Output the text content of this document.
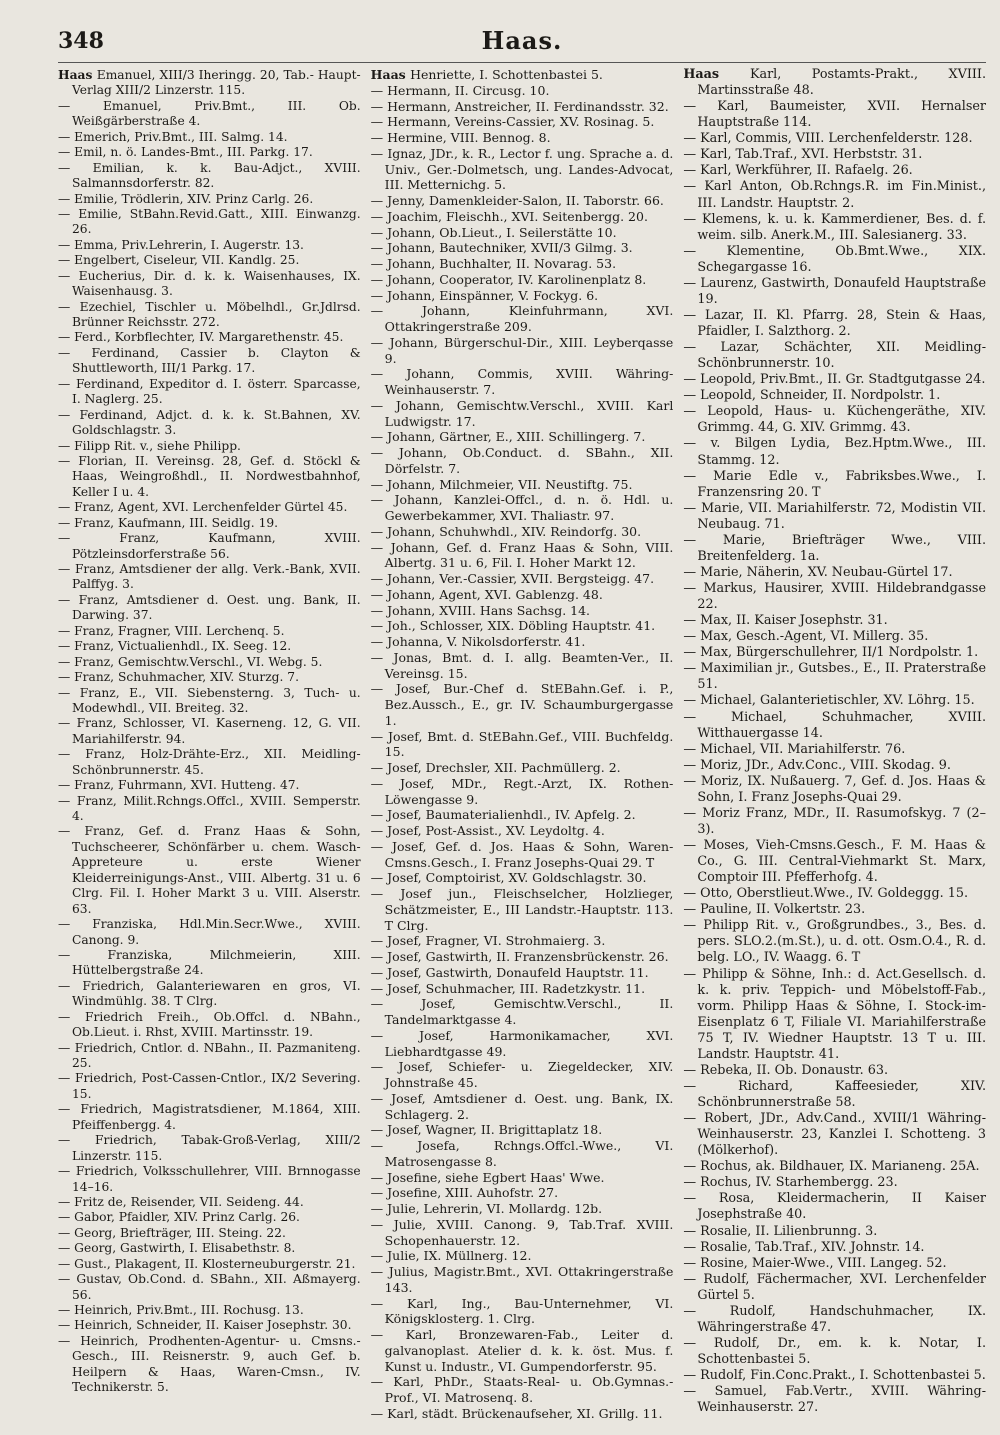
348	Haas.
Haas Emanuel, XIII/3 Iheringg. 20, Tab.- Haupt-Verlag XIII/2 Linzerstr. 115.
— Emanuel, Priv.Bmt., III. Ob. Weißgärberstraße 4.
— Emerich, Priv.Bmt., III. Salmg. 14.
— Emil, n. ö. Landes-Bmt., III. Parkg. 17.
— Emilian, k. k. Bau-Adjct., XVIII. Salmannsdorferstr. 82.
— Emilie, Trödlerin, XIV. Prinz Carlg. 26.
— Emilie, StBahn.Revid.Gatt., XIII. Einwanzg. 26.
— Emma, Priv.Lehrerin, I. Augerstr. 13.
— Engelbert, Ciseleur, VII. Kandlg. 25.
— Eucherius, Dir. d. k. k. Waisenhauses, IX. Waisenhausg. 3.
— Ezechiel, Tischler u. Möbelhdl., Gr.Jdlrsd. Brünner Reichsstr. 272.
— Ferd., Korbflechter, IV. Margarethenstr. 45.
— Ferdinand, Cassier b. Clayton & Shuttleworth, III/1 Parkg. 17.
— Ferdinand, Expeditor d. I. österr. Sparcasse, I. Naglerg. 25.
— Ferdinand, Adjct. d. k. k. St.Bahnen, XV. Goldschlagstr. 3.
— Filipp Rit. v., siehe Philipp.
— Florian, II. Vereinsg. 28, Gef. d. Stöckl & Haas, Weingroßhdl., II. Nordwestbahnhof, Keller I u. 4.
— Franz, Agent, XVI. Lerchenfelder Gürtel 45.
— Franz, Kaufmann, III. Seidlg. 19.
— Franz, Kaufmann, XVIII. Pötzleinsdorferstraße 56.
— Franz, Amtsdiener der allg. Verk.-Bank, XVII. Palffyg. 3.
— Franz, Amtsdiener d. Oest. ung. Bank, II. Darwing. 37.
— Franz, Fragner, VIII. Lerchenq. 5.
— Franz, Victualienhdl., IX. Seeg. 12.
— Franz, Gemischtw.Verschl., VI. Webg. 5.
— Franz, Schuhmacher, XIV. Sturzg. 7.
— Franz, E., VII. Siebensterng. 3, Tuch- u. Modewhdl., VII. Breiteg. 32.
— Franz, Schlosser, VI. Kaserneng. 12, G. VII. Mariahilferstr. 94.
— Franz, Holz-Drähte-Erz., XII. Meidling-Schönbrunnerstr. 45.
— Franz, Fuhrmann, XVI. Hutteng. 47.
— Franz, Milit.Rchngs.Offcl., XVIII. Semperstr. 4.
— Franz, Gef. d. Franz Haas & Sohn, Tuchscheerer, Schönfärber u. chem. Wasch-Appreteure u. erste Wiener Kleiderreinigungs-Anst., VIII. Albertg. 31 u. 6 Clrg. Fil. I. Hoher Markt 3 u. VIII. Alserstr. 63.
— Franziska, Hdl.Min.Secr.Wwe., XVIII. Canong. 9.
— Franziska, Milchmeierin, XIII. Hüttelbergstraße 24.
— Friedrich, Galanteriewaren en gros, VI. Windmühlg. 38. T Clrg.
— Friedrich Freih., Ob.Offcl. d. NBahn., Ob.Lieut. i. Rhst, XVIII. Martinsstr. 19.
— Friedrich, Cntlor. d. NBahn., II. Pazmaniteng. 25.
— Friedrich, Post-Cassen-Cntlor., IX/2 Severing. 15.
— Friedrich, Magistratsdiener, M.1864, XIII. Pfeiffenbergg. 4.
— Friedrich, Tabak-Groß-Verlag, XIII/2 Linzerstr. 115.
— Friedrich, Volksschullehrer, VIII. Brnnogasse 14–16.
— Fritz de, Reisender, VII. Seideng. 44.
— Gabor, Pfaidler, XIV. Prinz Carlg. 26.
— Georg, Briefträger, III. Steing. 22.
— Georg, Gastwirth, I. Elisabethstr. 8.
— Gust., Plakagent, II. Klosterneuburgerstr. 21.
— Gustav, Ob.Cond. d. SBahn., XII. Aßmayerg. 56.
— Heinrich, Priv.Bmt., III. Rochusg. 13.
— Heinrich, Schneider, II. Kaiser Josephstr. 30.
— Heinrich, Prodhenten-Agentur- u. Cmsns.-Gesch., III. Reisnerstr. 9, auch Gef. b. Heilpern & Haas, Waren-Cmsn., IV. Technikerstr. 5.
Haas Henriette, I. Schottenbastei 5.
— Hermann, II. Circusg. 10.
— Hermann, Anstreicher, II. Ferdinandsstr. 32.
— Hermann, Vereins-Cassier, XV. Rosinag. 5.
— Hermine, VIII. Bennog. 8.
— Ignaz, JDr., k. R., Lector f. ung. Sprache a. d. Univ., Ger.-Dolmetsch, ung. Landes-Advocat, III. Metternichg. 5.
— Jenny, Damenkleider-Salon, II. Taborstr. 66.
— Joachim, Fleischh., XVI. Seitenbergg. 20.
— Johann, Ob.Lieut., I. Seilerstätte 10.
— Johann, Bautechniker, XVII/3 Gilmg. 3.
— Johann, Buchhalter, II. Novarag. 53.
— Johann, Cooperator, IV. Karolinenplatz 8.
— Johann, Einspänner, V. Fockyg. 6.
— Johann, Kleinfuhrmann, XVI. Ottakringerstraße 209.
— Johann, Bürgerschul-Dir., XIII. Leyberqasse 9.
— Johann, Commis, XVIII. Währing-Weinhauserstr. 7.
— Johann, Gemischtw.Verschl., XVIII. Karl Ludwigstr. 17.
— Johann, Gärtner, E., XIII. Schillingerg. 7.
— Johann, Ob.Conduct. d. SBahn., XII. Dörfelstr. 7.
— Johann, Milchmeier, VII. Neustiftg. 75.
— Johann, Kanzlei-Offcl., d. n. ö. Hdl. u. Gewerbekammer, XVI. Thaliastr. 97.
— Johann, Schuhwhdl., XIV. Reindorfg. 30.
— Johann, Gef. d. Franz Haas & Sohn, VIII. Albertg. 31 u. 6, Fil. I. Hoher Markt 12.
— Johann, Ver.-Cassier, XVII. Bergsteigg. 47.
— Johann, Agent, XVI. Gablenzg. 48.
— Johann, XVIII. Hans Sachsg. 14.
— Joh., Schlosser, XIX. Döbling Hauptstr. 41.
— Johanna, V. Nikolsdorferstr. 41.
— Jonas, Bmt. d. I. allg. Beamten-Ver., II. Vereinsg. 15.
— Josef, Bur.-Chef d. StEBahn.Gef. i. P., Bez.Aussch., E., gr. IV. Schaumburgergasse 1.
— Josef, Bmt. d. StEBahn.Gef., VIII. Buchfeldg. 15.
— Josef, Drechsler, XII. Pachmüllerg. 2.
— Josef, MDr., Regt.-Arzt, IX. Rothen-Löwengasse 9.
— Josef, Baumaterialienhdl., IV. Apfelg. 2.
— Josef, Post-Assist., XV. Leydoltg. 4.
— Josef, Gef. d. Jos. Haas & Sohn, Waren-Cmsns.Gesch., I. Franz Josephs-Quai 29. T
— Josef, Comptoirist, XV. Goldschlagstr. 30.
— Josef jun., Fleischselcher, Holzlieger, Schätzmeister, E., III Landstr.-Hauptstr. 113. T Clrg.
— Josef, Fragner, VI. Strohmaierg. 3.
— Josef, Gastwirth, II. Franzensbrückenstr. 26.
— Josef, Gastwirth, Donaufeld Hauptstr. 11.
— Josef, Schuhmacher, III. Radetzkystr. 11.
— Josef, Gemischtw.Verschl., II. Tandelmarktgasse 4.
— Josef, Harmonikamacher, XVI. Liebhardtgasse 49.
— Josef, Schiefer- u. Ziegeldecker, XIV. Johnstraße 45.
— Josef, Amtsdiener d. Oest. ung. Bank, IX. Schlagerg. 2.
— Josef, Wagner, II. Brigittaplatz 18.
— Josefa, Rchngs.Offcl.-Wwe., VI. Matrosengasse 8.
— Josefine, siehe Egbert Haas' Wwe.
— Josefine, XIII. Auhofstr. 27.
— Julie, Lehrerin, VI. Mollardg. 12b.
— Julie, XVIII. Canong. 9, Tab.Traf. XVIII. Schopenhauerstr. 12.
— Julie, IX. Müllnerg. 12.
— Julius, Magistr.Bmt., XVI. Ottakringerstraße 143.
— Karl, Ing., Bau-Unternehmer, VI. Königsklosterg. 1. Clrg.
— Karl, Bronzewaren-Fab., Leiter d. galvanoplast. Atelier d. k. k. öst. Mus. f. Kunst u. Industr., VI. Gumpendorferstr. 95.
— Karl, PhDr., Staats-Real- u. Ob.Gymnas.-Prof., VI. Matrosenq. 8.
— Karl, städt. Brückenaufseher, XI. Grillg. 11.
Haas Karl, Postamts-Prakt., XVIII. Martinsstraße 48.
— Karl, Baumeister, XVII. Hernalser Hauptstraße 114.
— Karl, Commis, VIII. Lerchenfelderstr. 128.
— Karl, Tab.Traf., XVI. Herbststr. 31.
— Karl, Werkführer, II. Rafaelg. 26.
— Karl Anton, Ob.Rchngs.R. im Fin.Minist., III. Landstr. Hauptstr. 2.
— Klemens, k. u. k. Kammerdiener, Bes. d. f. weim. silb. Anerk.M., III. Salesianerg. 33.
— Klementine, Ob.Bmt.Wwe., XIX. Schegargasse 16.
— Laurenz, Gastwirth, Donaufeld Hauptstraße 19.
— Lazar, II. Kl. Pfarrg. 28, Stein & Haas, Pfaidler, I. Salzthorg. 2.
— Lazar, Schächter, XII. Meidling-Schönbrunnerstr. 10.
— Leopold, Priv.Bmt., II. Gr. Stadtgutgasse 24.
— Leopold, Schneider, II. Nordpolstr. 1.
— Leopold, Haus- u. Küchengeräthe, XIV. Grimmg. 44, G. XIV. Grimmg. 43.
— v. Bilgen Lydia, Bez.Hptm.Wwe., III. Stammg. 12.
— Marie Edle v., Fabriksbes.Wwe., I. Franzensring 20. T
— Marie, VII. Mariahilferstr. 72, Modistin VII. Neubaug. 71.
— Marie, Briefträger Wwe., VIII. Breitenfelderg. 1a.
— Marie, Näherin, XV. Neubau-Gürtel 17.
— Markus, Hausirer, XVIII. Hildebrandgasse 22.
— Max, II. Kaiser Josephstr. 31.
— Max, Gesch.-Agent, VI. Millerg. 35.
— Max, Bürgerschullehrer, II/1 Nordpolstr. 1.
— Maximilian jr., Gutsbes., E., II. Praterstraße 51.
— Michael, Galanterietischler, XV. Löhrg. 15.
— Michael, Schuhmacher, XVIII. Witthauergasse 14.
— Michael, VII. Mariahilferstr. 76.
— Moriz, JDr., Adv.Conc., VIII. Skodag. 9.
— Moriz, IX. Nußauerg. 7, Gef. d. Jos. Haas & Sohn, I. Franz Josephs-Quai 29.
— Moriz Franz, MDr., II. Rasumofskyg. 7 (2–3).
— Moses, Vieh-Cmsns.Gesch., F. M. Haas & Co., G. III. Central-Viehmarkt St. Marx, Comptoir III. Pfefferhofg. 4.
— Otto, Oberstlieut.Wwe., IV. Goldeggg. 15.
— Pauline, II. Volkertstr. 23.
— Philipp Rit. v., Großgrundbes., 3., Bes. d. pers. SLO.2.(m.St.), u. d. ott. Osm.O.4., R. d. belg. LO., IV. Waagg. 6. T
— Philipp & Söhne, Inh.: d. Act.Gesellsch. d. k. k. priv. Teppich- und Möbelstoff-Fab., vorm. Philipp Haas & Söhne, I. Stock-im-Eisenplatz 6 T, Filiale VI. Mariahilferstraße 75 T, IV. Wiedner Hauptstr. 13 T u. III. Landstr. Hauptstr. 41.
— Rebeka, II. Ob. Donaustr. 63.
— Richard, Kaffeesieder, XIV. Schönbrunnerstraße 58.
— Robert, JDr., Adv.Cand., XVIII/1 Währing-Weinhauserstr. 23, Kanzlei I. Schotteng. 3 (Mölkerhof).
— Rochus, ak. Bildhauer, IX. Marianeng. 25A.
— Rochus, IV. Starhembergg. 23.
— Rosa, Kleidermacherin, II Kaiser Josephstraße 40.
— Rosalie, II. Lilienbrunng. 3.
— Rosalie, Tab.Traf., XIV. Johnstr. 14.
— Rosine, Maier-Wwe., VIII. Langeg. 52.
— Rudolf, Fächermacher, XVI. Lerchenfelder Gürtel 5.
— Rudolf, Handschuhmacher, IX. Währingerstraße 47.
— Rudolf, Dr., em. k. k. Notar, I. Schottenbastei 5.
— Rudolf, Fin.Conc.Prakt., I. Schottenbastei 5.
— Samuel, Fab.Vertr., XVIII. Währing-Weinhauserstr. 27.
